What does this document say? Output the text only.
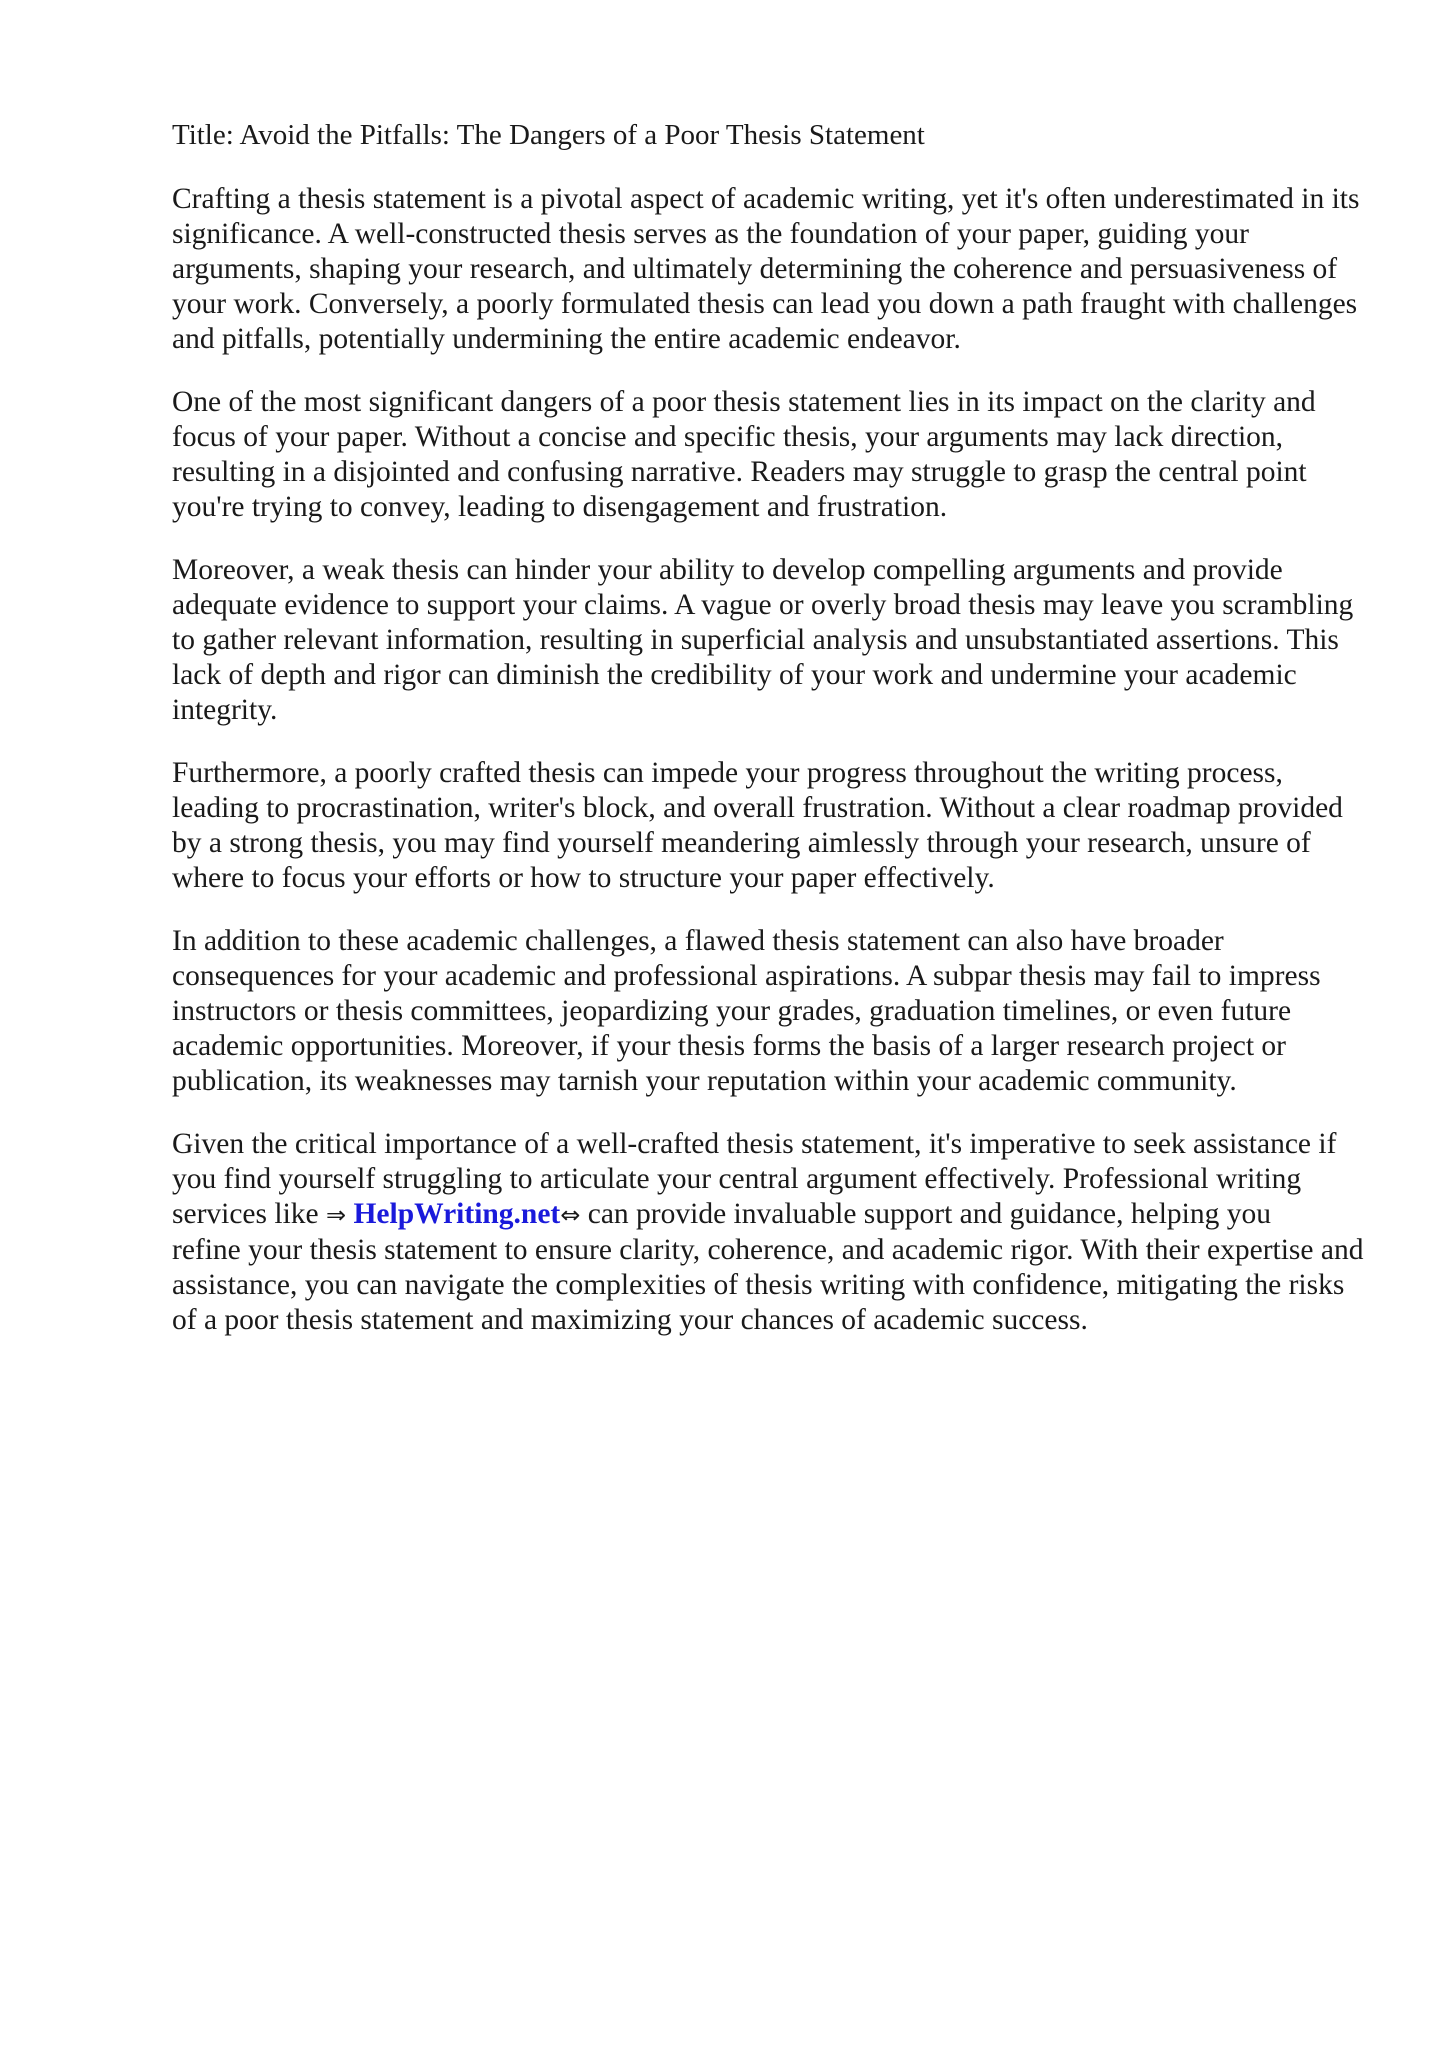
Title: Avoid the Pitfalls: The Dangers of a Poor Thesis Statement
Crafting a thesis statement is a pivotal aspect of academic writing, yet it's often underestimated in its
significance. A well-constructed thesis serves as the foundation of your paper, guiding your
arguments, shaping your research, and ultimately determining the coherence and persuasiveness of
your work. Conversely, a poorly formulated thesis can lead you down a path fraught with challenges
and pitfalls, potentially undermining the entire academic endeavor.
One of the most significant dangers of a poor thesis statement lies in its impact on the clarity and
focus of your paper. Without a concise and specific thesis, your arguments may lack direction,
resulting in a disjointed and confusing narrative. Readers may struggle to grasp the central point
you're trying to convey, leading to disengagement and frustration.
Moreover, a weak thesis can hinder your ability to develop compelling arguments and provide
adequate evidence to support your claims. A vague or overly broad thesis may leave you scrambling
to gather relevant information, resulting in superficial analysis and unsubstantiated assertions. This
lack of depth and rigor can diminish the credibility of your work and undermine your academic
integrity.
Furthermore, a poorly crafted thesis can impede your progress throughout the writing process,
leading to procrastination, writer's block, and overall frustration. Without a clear roadmap provided
by a strong thesis, you may find yourself meandering aimlessly through your research, unsure of
where to focus your efforts or how to structure your paper effectively.
In addition to these academic challenges, a flawed thesis statement can also have broader
consequences for your academic and professional aspirations. A subpar thesis may fail to impress
instructors or thesis committees, jeopardizing your grades, graduation timelines, or even future
academic opportunities. Moreover, if your thesis forms the basis of a larger research project or
publication, its weaknesses may tarnish your reputation within your academic community.
Given the critical importance of a well-crafted thesis statement, it's imperative to seek assistance if
you find yourself struggling to articulate your central argument effectively. Professional writing
services like ⇒ HelpWriting.net⇔ can provide invaluable support and guidance, helping you
refine your thesis statement to ensure clarity, coherence, and academic rigor. With their expertise and
assistance, you can navigate the complexities of thesis writing with confidence, mitigating the risks
of a poor thesis statement and maximizing your chances of academic success.
